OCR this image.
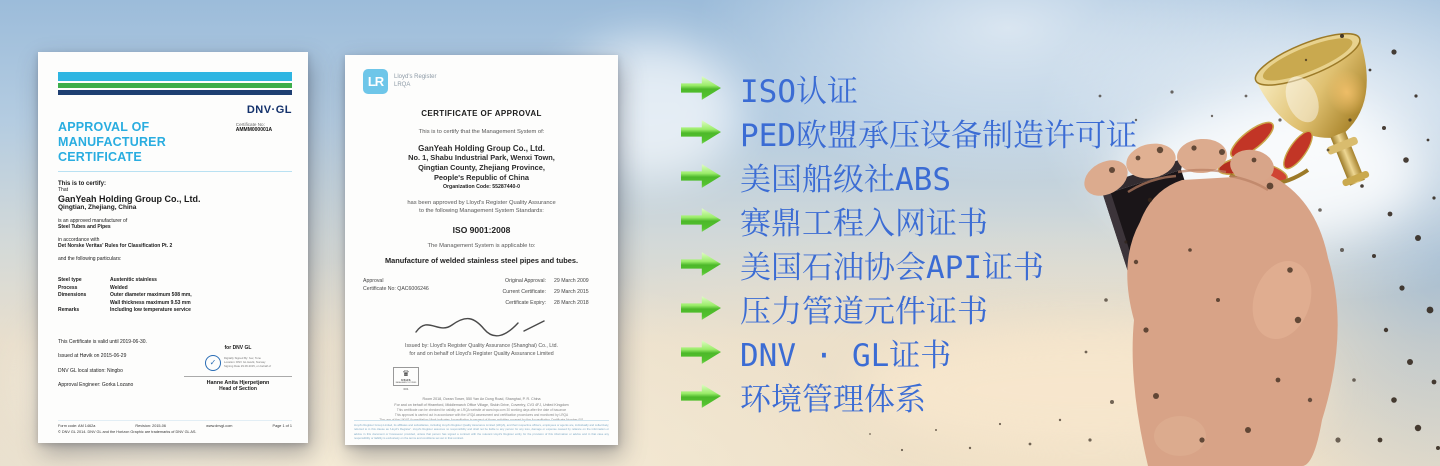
DNV·GL
APPROVAL OF MANUFACTURER
CERTIFICATE
Certificate No:
AMMM000001A
This is to certify:
That
GanYeah Holding Group Co., Ltd.
Qingtian, Zhejiang, China
is an approved manufacturer of
Steel Tubes and Pipes
in accordance with
Det Norske Veritas' Rules for Classification Pt. 2
and the following particulars:
Steel type	Austenitic stainless
Process	Welded
Dimensions	Outer diameter maximum 508 mm,
Wall thickness maximum 9.53 mm
Remarks	Including low temperature service
This Certificate is valid until 2019-06-30.
Issued at Høvik on 2015-06-29
DNV GL local station: Ningbo
Approval Engineer: Gorka Lozano
for DNV GL
✓
Digitally Signed By: Iver, Tone
Location: DNV GL Høvik, Norway
Signing Date 29.06.2015, on behalf of
Hanne Anita Hjerpetjønn
Head of Section
Form code: AM 1462a	Revision: 2015-06	www.dnvgl.com	Page 1 of 1
© DNV GL 2014. DNV GL and the Horizon Graphic are trademarks of DNV GL AS.
LR	Lloyd's Register
LRQA
CERTIFICATE OF APPROVAL
This is to certify that the Management System of:
GanYeah Holding Group Co., Ltd.
No. 1, Shabu Industrial Park, Wenxi Town,
Qingtian County, Zhejiang Province,
People's Republic of China
Organization Code: 55287440-0
has been approved by Lloyd's Register Quality Assurance
to the following Management System Standards:
ISO 9001:2008
The Management System is applicable to:
Manufacture of welded stainless steel pipes and tubes.
Approval
Certificate No: QAC6006246
Original Approval: 29 March 2009
Current Certificate: 29 March 2015
Certificate Expiry: 28 March 2018
Issued by: Lloyd's Register Quality Assurance (Shanghai) Co., Ltd.
for and on behalf of Lloyd's Register Quality Assurance Limited
♛
UKAS
MANAGEMENT SYSTEMS
001
Room 2018, Ocean Tower, 550 Yan An Dong Road, Shanghai, P. R. China
For and on behalf of Hiramford, Middlemarch Office Village, Siskin Drive, Coventry, CV3 4FJ, United Kingdom
This certificate can be checked for validity on LRQA website at www.lrqa.com 30 working days after the date of issuance
This approval is carried out in accordance with the LRQA assessment and certification procedures and monitored by LRQA
The use of the UKAS Accreditation Mark indicates Accreditation in respect of those activities covered by the Accreditation Certificate Number 001
Lloyd's Register Group Limited, its affiliates and subsidiaries, including Lloyd's Register Quality Assurance Limited (LRQA), and their respective officers, employees or agents are, individually and collectively, referred to in this clause as 'Lloyd's Register'. Lloyd's Register assumes no responsibility and shall not be liable to any person for any loss, damage or expense caused by reliance on the information or advice in this document or howsoever provided, unless that person has signed a contract with the relevant Lloyd's Register entity for the provision of this information or advice and in that case any responsibility or liability is exclusively on the terms and conditions set out in that contract.
ISO认证
PED欧盟承压设备制造许可证
美国船级社ABS
赛鼎工程入网证书
美国石油协会API证书
压力管道元件证书
DNV · GL证书
环境管理体系
